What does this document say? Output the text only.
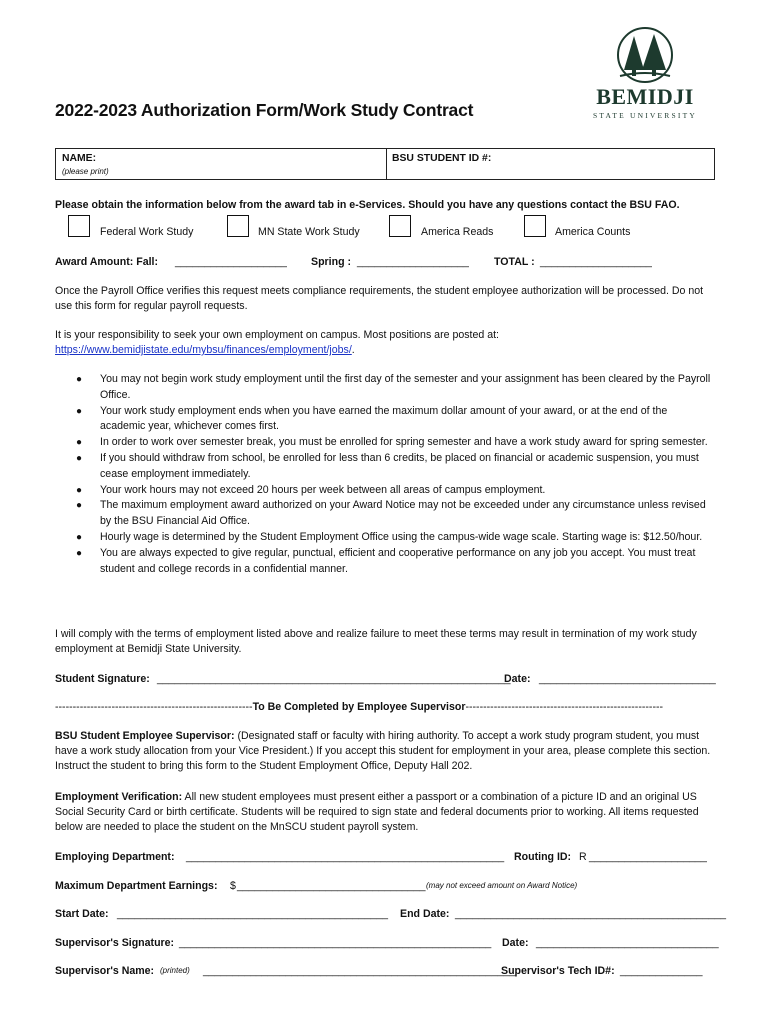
2022-2023 Authorization Form/Work Study Contract
BEMIDJI
STATE UNIVERSITY
NAME:
(please print)
BSU STUDENT ID #:
Please obtain the information below from the award tab in e-Services. Should you have any questions contact the BSU FAO.
Federal Work Study	MN State Work Study	America Reads	America Counts
Award Amount: Fall: ___________________ Spring : ___________________ TOTAL : ___________________
Once the Payroll Office verifies this request meets compliance requirements, the student employee authorization will be processed. Do not use this form for regular payroll requests.
It is your responsibility to seek your own employment on campus. Most positions are posted at:
https://www.bemidjistate.edu/mybsu/finances/employment/jobs/.
● You may not begin work study employment until the first day of the semester and your assignment has been cleared by the Payroll Office.
● Your work study employment ends when you have earned the maximum dollar amount of your award, or at the end of the academic year, whichever comes first.
● In order to work over semester break, you must be enrolled for spring semester and have a work study award for spring semester.
● If you should withdraw from school, be enrolled for less than 6 credits, be placed on financial or academic suspension, you must cease employment immediately.
● Your work hours may not exceed 20 hours per week between all areas of campus employment.
● The maximum employment award authorized on your Award Notice may not be exceeded under any circumstance unless revised by the BSU Financial Aid Office.
● Hourly wage is determined by the Student Employment Office using the campus-wide wage scale. Starting wage is: $12.50/hour.
● You are always expected to give regular, punctual, efficient and cooperative performance on any job you accept. You must treat student and college records in a confidential manner.
I will comply with the terms of employment listed above and realize failure to meet these terms may result in termination of my work study employment at Bemidji State University.
Student Signature: ____________________________________________________________
Date: ______________________________
--------------------------------------------------------To Be Completed by Employee Supervisor--------------------------------------------------------
BSU Student Employee Supervisor: (Designated staff or faculty with hiring authority. To accept a work study program student, you must have a work study allocation from your Vice President.) If you accept this student for employment in your area, please complete this section. Instruct the student to bring this form to the Student Employment Office, Deputy Hall 202.
Employment Verification: All new student employees must present either a passport or a combination of a picture ID and an original US Social Security Card or birth certificate. Students will be required to sign state and federal documents prior to working. All items requested below are needed to place the student on the MnSCU student payroll system.
Employing Department: ______________________________________________________ Routing ID: R ____________________
Maximum Department Earnings: $ ________________________________ (may not exceed amount on Award Notice)
Start Date: ______________________________________________ End Date: ______________________________________________
Supervisor's Signature: _____________________________________________________ Date: _______________________________
Supervisor's Name: (printed) _____________________________________________________
Supervisor's Tech ID#: ______________
